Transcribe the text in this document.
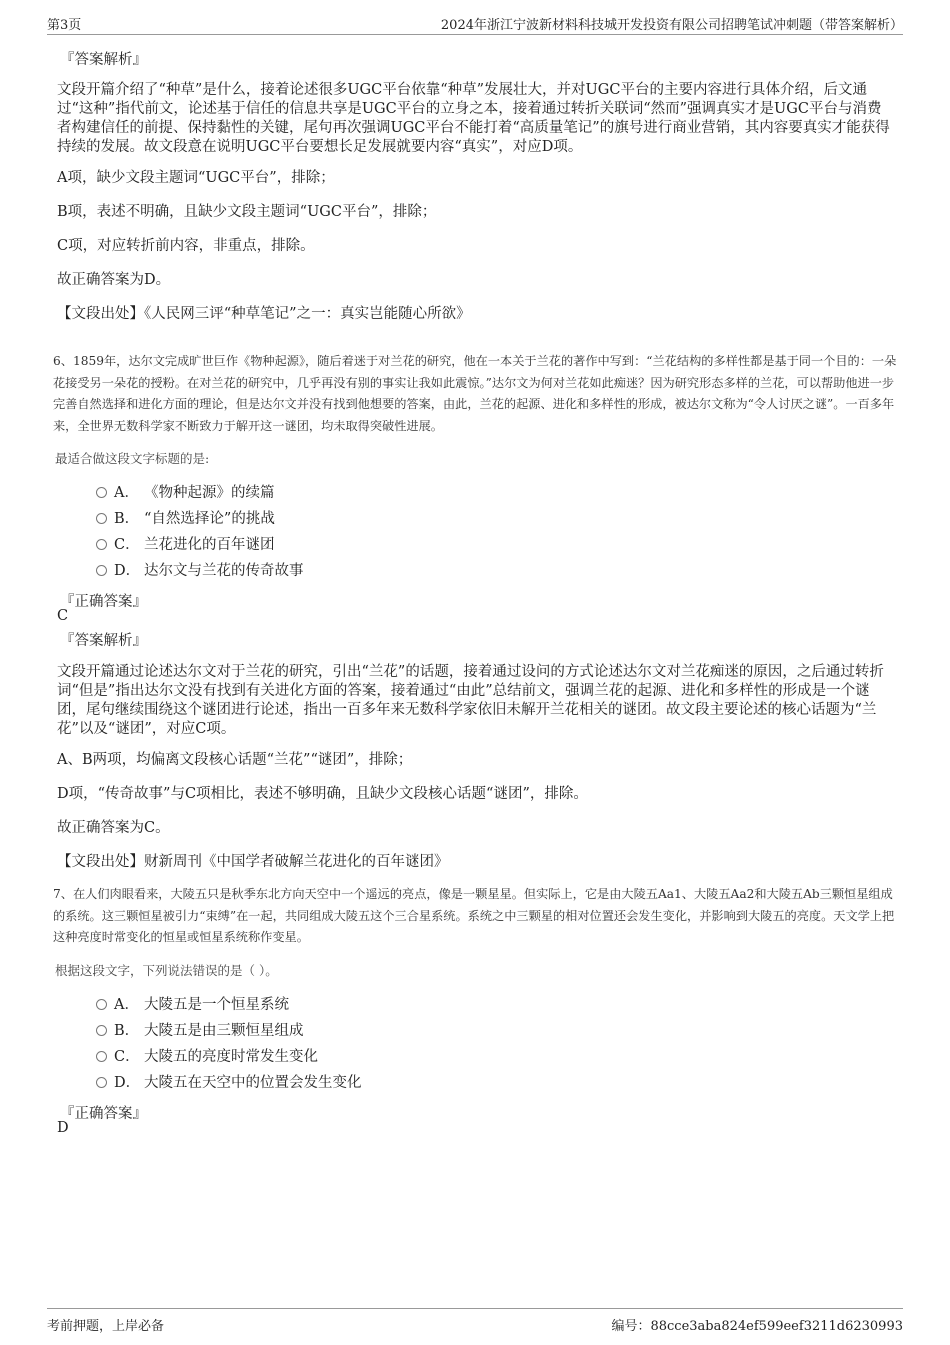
第3页	2024年浙江宁波新材料科技城开发投资有限公司招聘笔试冲刺题（带答案解析）
『答案解析』
文段开篇介绍了“种草”是什么，接着论述很多UGC平台依靠“种草”发展壮大，并对UGC平台的主要内容进行具体介绍，后文通过“这种”指代前文，论述基于信任的信息共享是UGC平台的立身之本，接着通过转折关联词“然而”强调真实才是UGC平台与消费者构建信任的前提、保持黏性的关键，尾句再次强调UGC平台不能打着“高质量笔记”的旗号进行商业营销，其内容要真实才能获得持续的发展。故文段意在说明UGC平台要想长足发展就要内容“真实”，对应D项。
A项，缺少文段主题词“UGC平台”，排除；
B项，表述不明确，且缺少文段主题词“UGC平台”，排除；
C项，对应转折前内容，非重点，排除。
故正确答案为D。
【文段出处】《人民网三评“种草笔记”之一：真实岂能随心所欲》
6、1859年，达尔文完成旷世巨作《物种起源》，随后着迷于对兰花的研究，他在一本关于兰花的著作中写到：“兰花结构的多样性都是基于同一个目的：一朵花接受另一朵花的授粉。在对兰花的研究中，几乎再没有别的事实让我如此震惊。”达尔文为何对兰花如此痴迷？因为研究形态多样的兰花，可以帮助他进一步完善自然选择和进化方面的理论，但是达尔文并没有找到他想要的答案，由此，兰花的起源、进化和多样性的形成，被达尔文称为“令人讨厌之谜”。一百多年来，全世界无数科学家不断致力于解开这一谜团，均未取得突破性进展。
最适合做这段文字标题的是:
A． 《物种起源》的续篇
B． “自然选择论”的挑战
C． 兰花进化的百年谜团
D． 达尔文与兰花的传奇故事
『正确答案』
C
『答案解析』
文段开篇通过论述达尔文对于兰花的研究，引出“兰花”的话题，接着通过设问的方式论述达尔文对兰花痴迷的原因，之后通过转折词“但是”指出达尔文没有找到有关进化方面的答案，接着通过“由此”总结前文，强调兰花的起源、进化和多样性的形成是一个谜团，尾句继续围绕这个谜团进行论述，指出一百多年来无数科学家依旧未解开兰花相关的谜团。故文段主要论述的核心话题为“兰花”以及“谜团”，对应C项。
A、B两项，均偏离文段核心话题“兰花”“谜团”，排除；
D项，“传奇故事”与C项相比，表述不够明确，且缺少文段核心话题“谜团”，排除。
故正确答案为C。
【文段出处】财新周刊《中国学者破解兰花进化的百年谜团》
7、在人们肉眼看来，大陵五只是秋季东北方向天空中一个遥远的亮点，像是一颗星星。但实际上，它是由大陵五Aa1、大陵五Aa2和大陵五Ab三颗恒星组成的系统。这三颗恒星被引力“束缚”在一起，共同组成大陵五这个三合星系统。系统之中三颗星的相对位置还会发生变化，并影响到大陵五的亮度。天文学上把这种亮度时常变化的恒星或恒星系统称作变星。
根据这段文字，下列说法错误的是（ ）。
A． 大陵五是一个恒星系统
B． 大陵五是由三颗恒星组成
C． 大陵五的亮度时常发生变化
D． 大陵五在天空中的位置会发生变化
『正确答案』
D
考前押题，上岸必备	编号：88cce3aba824ef599eef3211d6230993
